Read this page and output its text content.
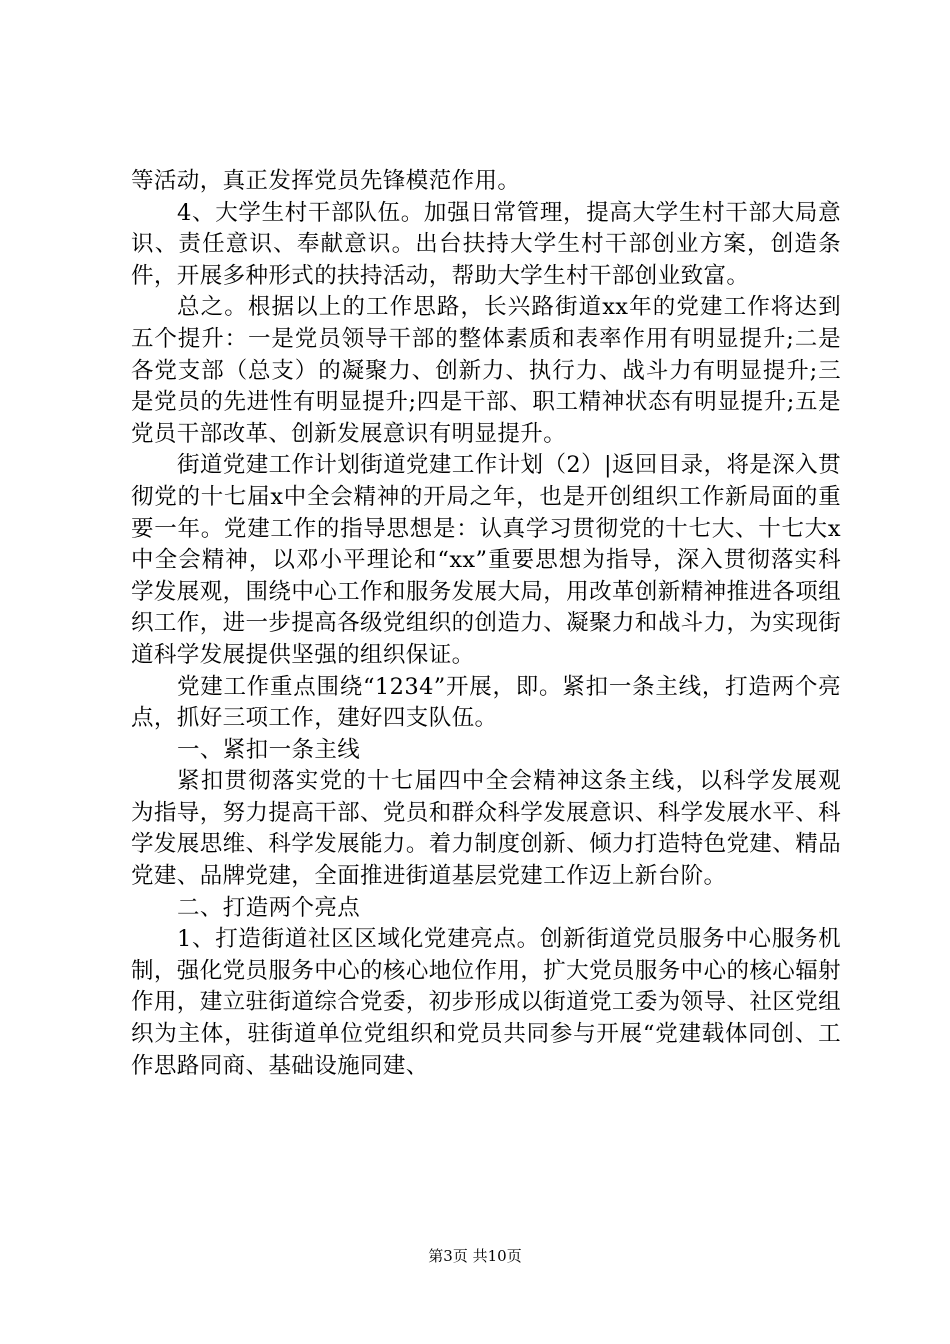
等活动，真正发挥党员先锋模范作用。

4、大学生村干部队伍。加强日常管理，提高大学生村干部大局意识、责任意识、奉献意识。出台扶持大学生村干部创业方案，创造条件，开展多种形式的扶持活动，帮助大学生村干部创业致富。

总之。根据以上的工作思路，长兴路街道xx年的党建工作将达到五个提升：一是党员领导干部的整体素质和表率作用有明显提升;二是各党支部（总支）的凝聚力、创新力、执行力、战斗力有明显提升;三是党员的先进性有明显提升;四是干部、职工精神状态有明显提升;五是党员干部改革、创新发展意识有明显提升。

街道党建工作计划街道党建工作计划（2）|返回目录，将是深入贯彻党的十七届x中全会精神的开局之年，也是开创组织工作新局面的重要一年。党建工作的指导思想是：认真学习贯彻党的十七大、十七大x中全会精神，以邓小平理论和“xx”重要思想为指导，深入贯彻落实科学发展观，围绕中心工作和服务发展大局，用改革创新精神推进各项组织工作，进一步提高各级党组织的创造力、凝聚力和战斗力，为实现街道科学发展提供坚强的组织保证。

党建工作重点围绕“1234”开展，即。紧扣一条主线，打造两个亮点，抓好三项工作，建好四支队伍。

一、紧扣一条主线

紧扣贯彻落实党的十七届四中全会精神这条主线，以科学发展观为指导，努力提高干部、党员和群众科学发展意识、科学发展水平、科学发展思维、科学发展能力。着力制度创新、倾力打造特色党建、精品党建、品牌党建，全面推进街道基层党建工作迈上新台阶。

二、打造两个亮点

1、打造街道社区区域化党建亮点。创新街道党员服务中心服务机制，强化党员服务中心的核心地位作用，扩大党员服务中心的核心辐射作用，建立驻街道综合党委，初步形成以街道党工委为领导、社区党组织为主体，驻街道单位党组织和党员共同参与开展“党建载体同创、工作思路同商、基础设施同建、

第3页 共10页
